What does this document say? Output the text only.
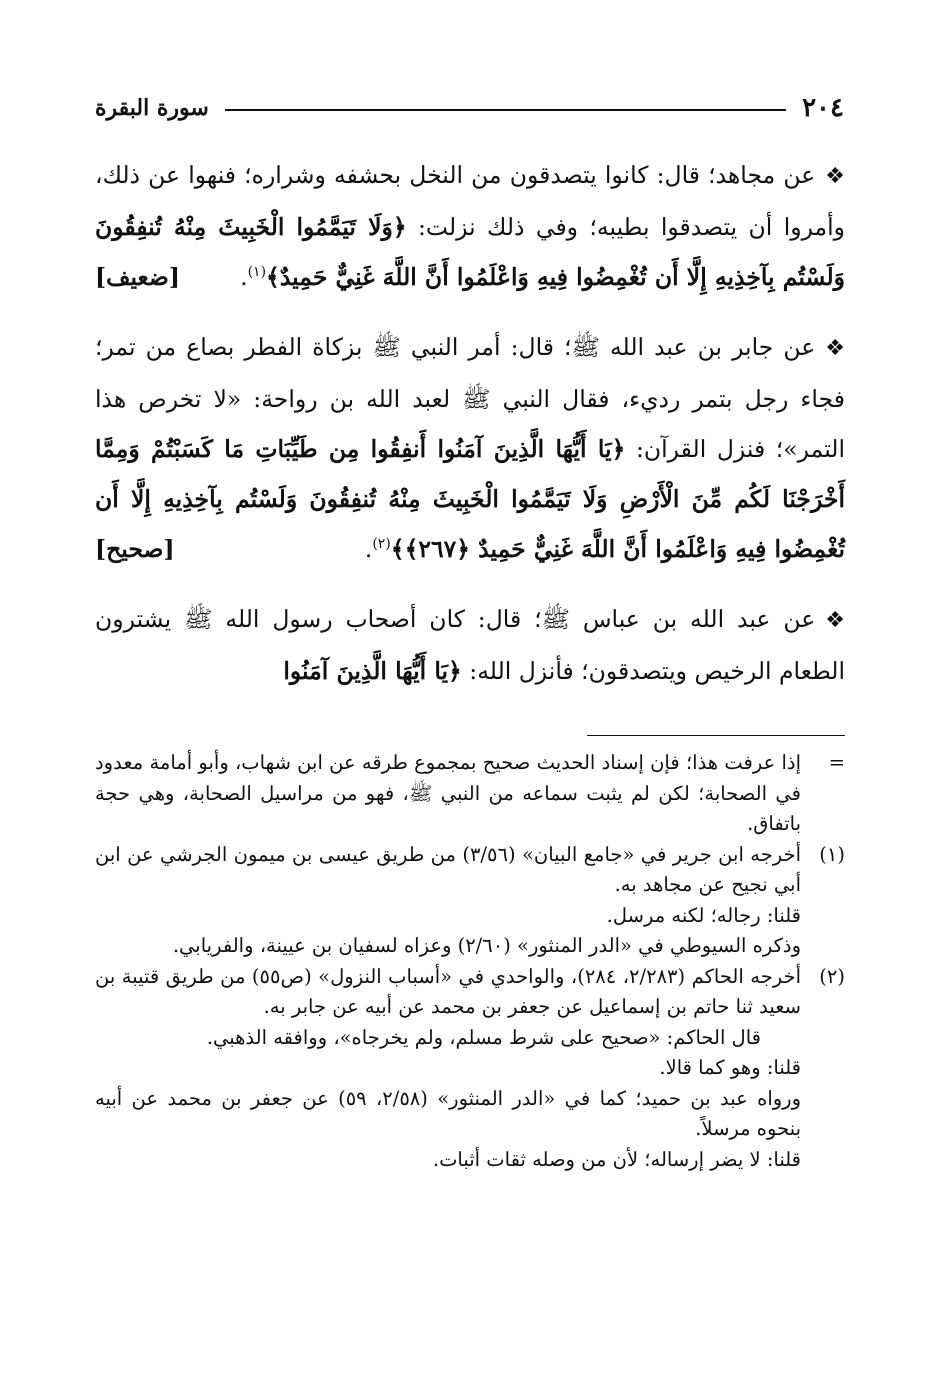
٢٠٤
سورة البقرة

❖عن مجاهد؛ قال: كانوا يتصدقون من النخل بحشفه وشراره؛ فنهوا عن ذلك، وأمروا أن يتصدقوا بطيبه؛ وفي ذلك نزلت: ﴿وَلَا تَيَمَّمُوا الْخَبِيثَ مِنْهُ تُنفِقُونَ وَلَسْتُم بِآخِذِيهِ إِلَّا أَن تُغْمِضُوا فِيهِ وَاعْلَمُوا أَنَّ اللَّهَ غَنِيٌّ حَمِيدٌ﴾$^{(١)}$.
[ضعيف]

❖عن جابر بن عبد الله ﷺ؛ قال: أمر النبي ﷺ بزكاة الفطر بصاع من تمر؛ فجاء رجل بتمر رديء، فقال النبي ﷺ لعبد الله بن رواحة: «لا تخرص هذا التمر»؛ فنزل القرآن: ﴿يَا أَيُّهَا الَّذِينَ آمَنُوا أَنفِقُوا مِن طَيِّبَاتِ مَا كَسَبْتُمْ وَمِمَّا أَخْرَجْنَا لَكُم مِّنَ الْأَرْضِ وَلَا تَيَمَّمُوا الْخَبِيثَ مِنْهُ تُنفِقُونَ وَلَسْتُم بِآخِذِيهِ إِلَّا أَن تُغْمِضُوا فِيهِ وَاعْلَمُوا أَنَّ اللَّهَ غَنِيٌّ حَمِيدٌ ﴿٢٦٧﴾﴾$^{(٢)}$.
[صحيح]

❖عن عبد الله بن عباس ﷺ؛ قال: كان أصحاب رسول الله ﷺ يشترون الطعام الرخيص ويتصدقون؛ فأنزل الله: ﴿يَا أَيُّهَا الَّذِينَ آمَنُوا

=

إذا عرفت هذا؛ فإن إسناد الحديث صحيح بمجموع طرقه عن ابن شهاب، وأبو أمامة معدود في الصحابة؛ لكن لم يثبت سماعه من النبي ﷺ، فهو من مراسيل الصحابة، وهي حجة باتفاق.

(١)

أخرجه ابن جرير في «جامع البيان» (٣/٥٦) من طريق عيسى بن ميمون الجرشي عن ابن أبي نجيح عن مجاهد به.

قلنا: رجاله؛ لكنه مرسل.

وذكره السيوطي في «الدر المنثور» (٢/٦٠) وعزاه لسفيان بن عيينة، والفريابي.

(٢)

أخرجه الحاكم (٢/٢٨٣، ٢٨٤)، والواحدي في «أسباب النزول» (ص٥٥) من طريق قتيبة بن سعيد ثنا حاتم بن إسماعيل عن جعفر بن محمد عن أبيه عن جابر به.

قال الحاكم: «صحيح على شرط مسلم، ولم يخرجاه»، ووافقه الذهبي.

قلنا: وهو كما قالا.

ورواه عبد بن حميد؛ كما في «الدر المنثور» (٢/٥٨، ٥٩) عن جعفر بن محمد عن أبيه بنحوه مرسلاً.

قلنا: لا يضر إرساله؛ لأن من وصله ثقات أثبات.
